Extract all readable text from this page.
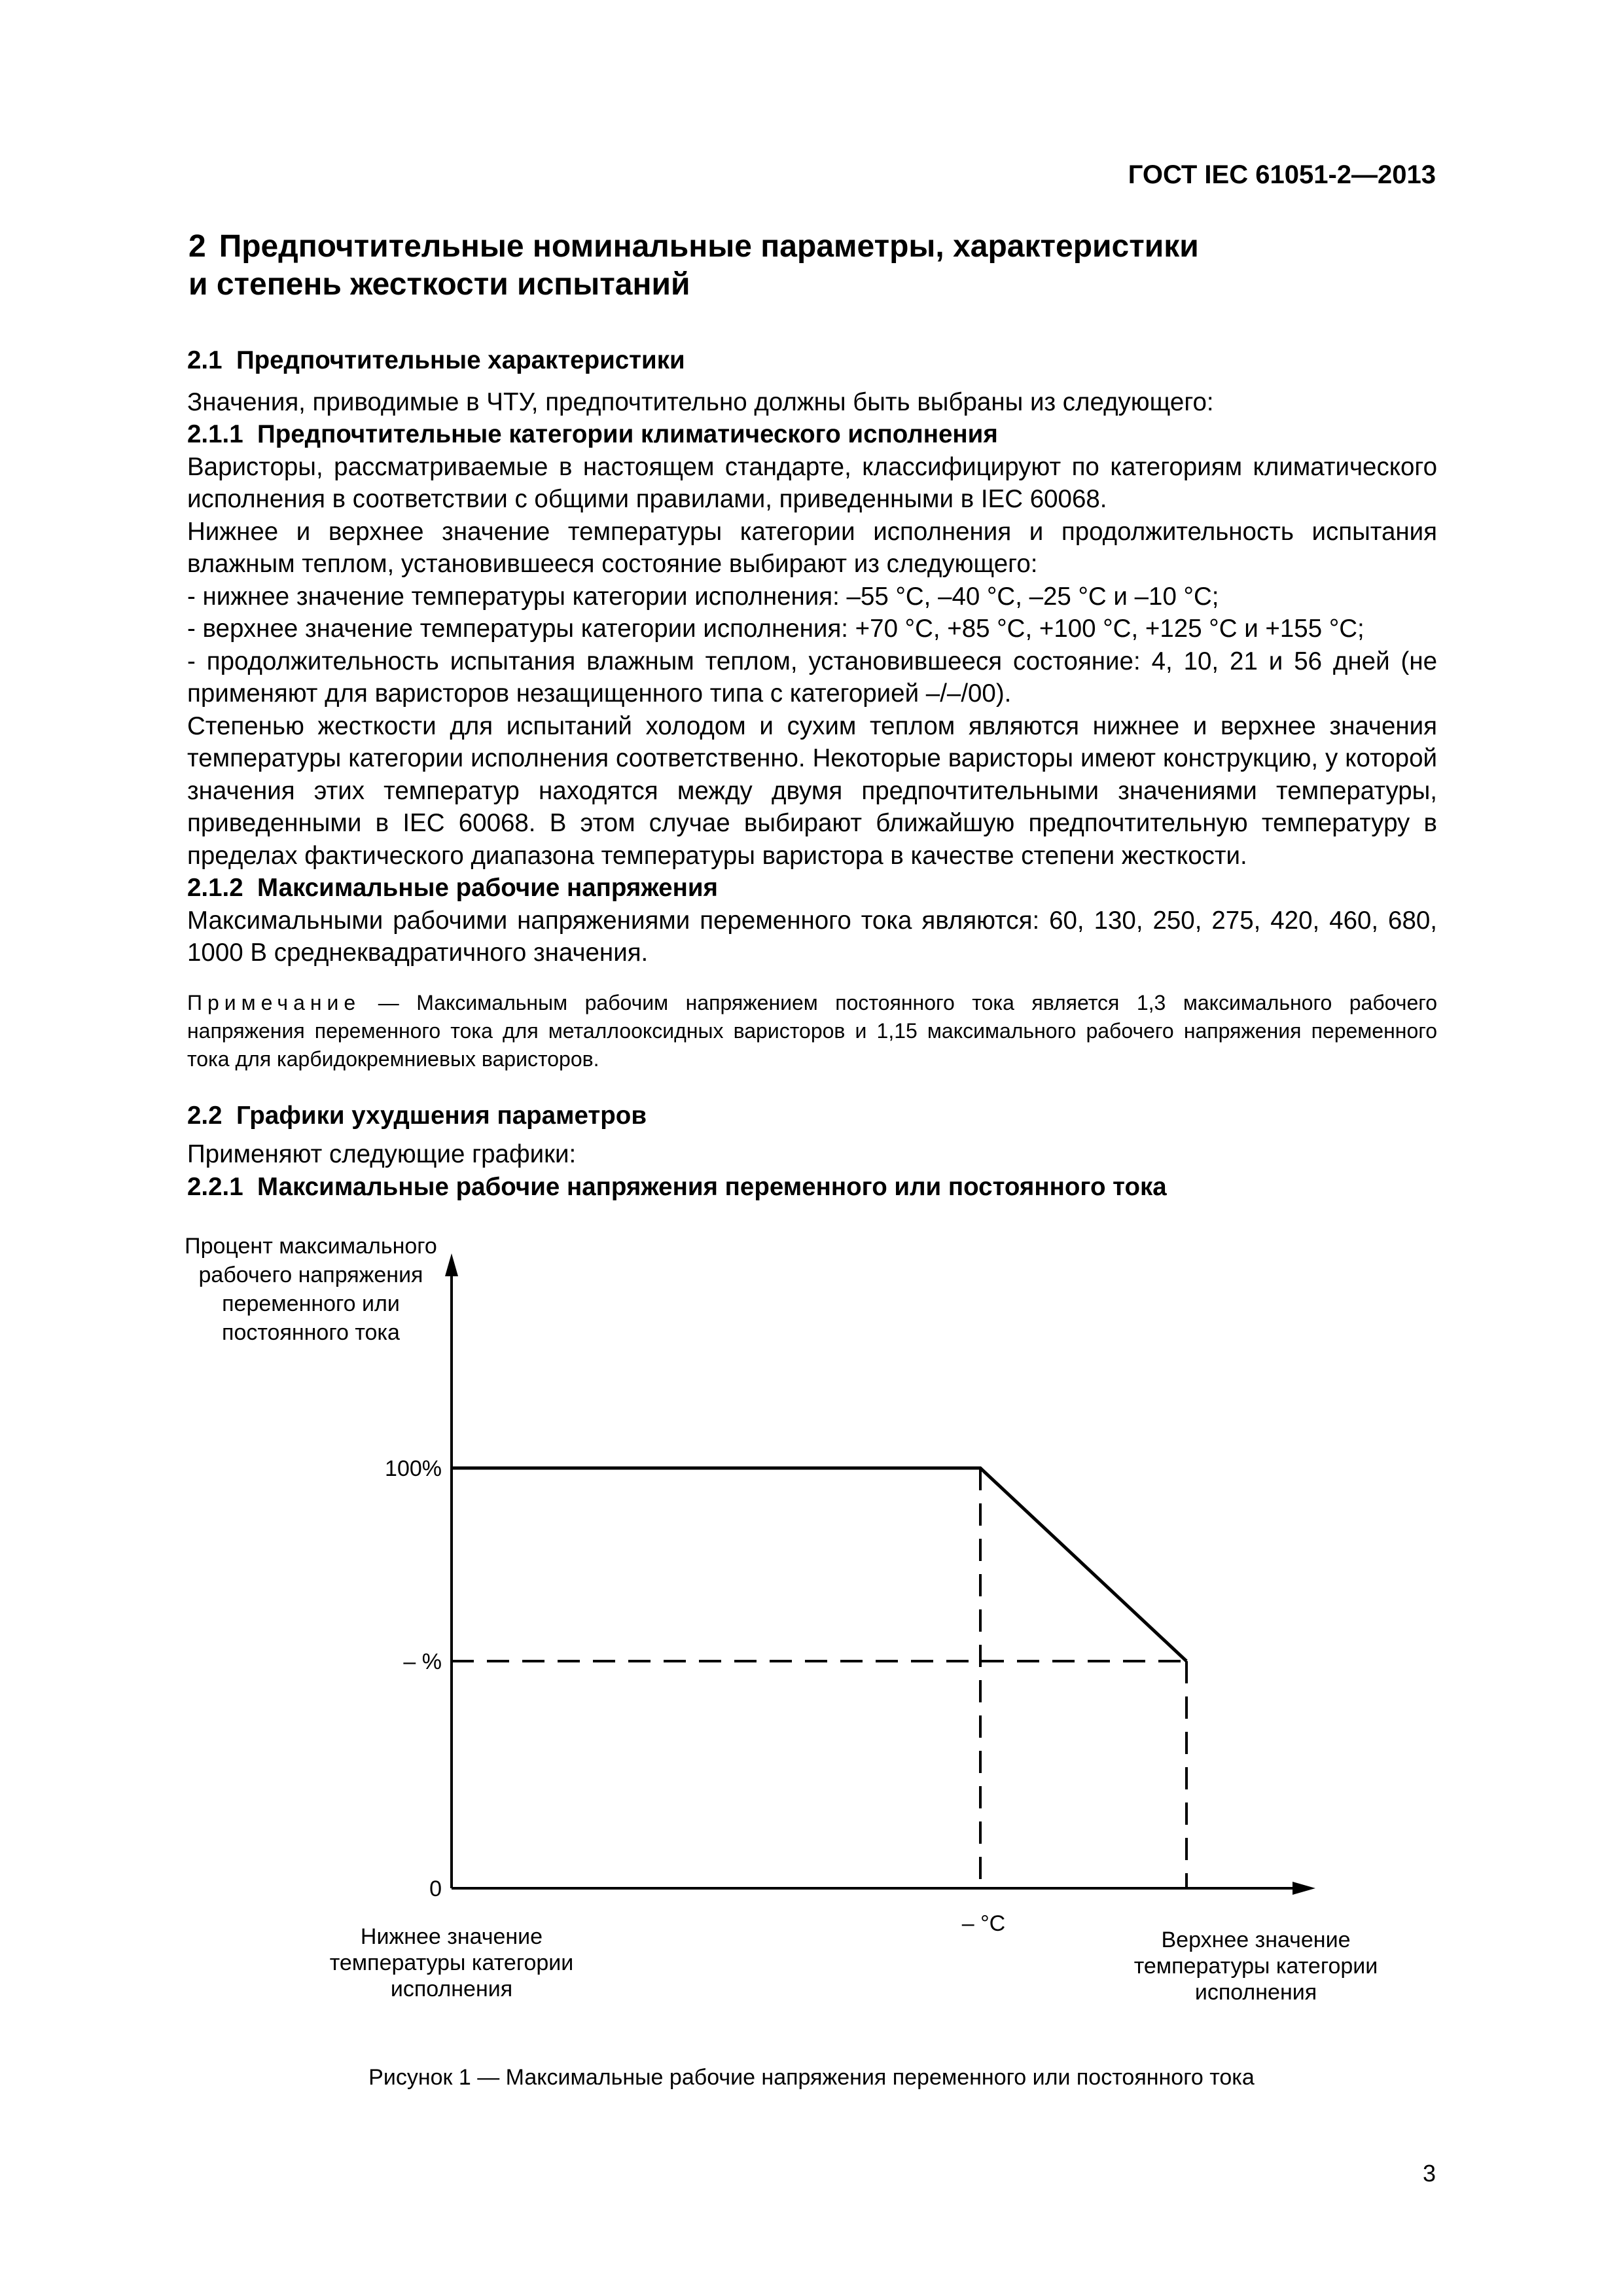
ГОСТ IEC 61051-2—2013
2 Предпочтительные номинальные параметры, характеристики
и степень жесткости испытаний

2.1 Предпочтительные характеристики

Значения, приводимые в ЧТУ, предпочтительно должны быть выбраны из следующего:

2.1.1 Предпочтительные категории климатического исполнения

Варисторы, рассматриваемые в настоящем стандарте, классифицируют по категориям климатического исполнения в соответствии с общими правилами, приведенными в IEC 60068.

Нижнее и верхнее значение температуры категории исполнения и продолжительность испытания влажным теплом, установившееся состояние выбирают из следующего:

- нижнее значение температуры категории исполнения: –55 °С, –40 °С, –25 °С и –10 °С;

- верхнее значение температуры категории исполнения: +70 °С, +85 °С, +100 °С, +125 °С и +155 °С;

- продолжительность испытания влажным теплом, установившееся состояние: 4, 10, 21 и 56 дней (не применяют для варисторов незащищенного типа с категорией –/–/00).

Степенью жесткости для испытаний холодом и сухим теплом являются нижнее и верхнее значения температуры категории исполнения соответственно. Некоторые варисторы имеют конструкцию, у которой значения этих температур находятся между двумя предпочтительными значениями температуры, приведенными в IEC 60068. В этом случае выбирают ближайшую предпочтительную температуру в пределах фактического диапазона температуры варистора в качестве степени жесткости.

2.1.2 Максимальные рабочие напряжения

Максимальными рабочими напряжениями переменного тока являются: 60, 130, 250, 275, 420, 460, 680, 1000 В среднеквадратичного значения.

Примечание — Максимальным рабочим напряжением постоянного тока является 1,3 максимального рабочего напряжения переменного тока для металлооксидных варисторов и 1,15 максимального рабочего напряжения переменного тока для карбидокремниевых варисторов.

2.2 Графики ухудшения параметров

Применяют следующие графики:

2.2.1 Максимальные рабочие напряжения переменного или постоянного тока

Процент максимального
рабочего напряжения
переменного или
постоянного тока
100%
– %
0
– °С
Нижнее значение
температуры категории
исполнения
Верхнее значение
температуры категории
исполнения
Рисунок 1 — Максимальные рабочие напряжения переменного или постоянного тока
3
